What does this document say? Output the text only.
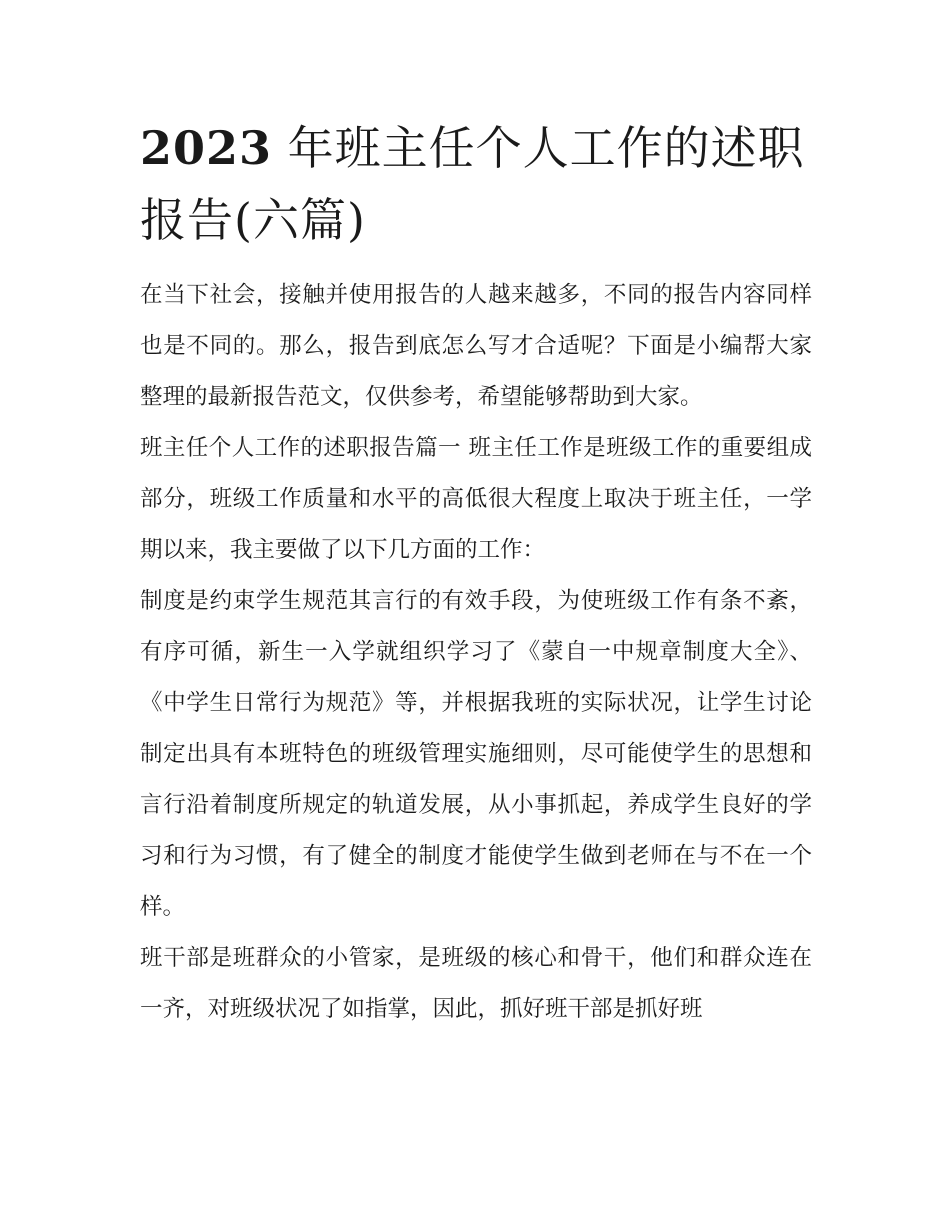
2023 年班主任个人工作的述职报告(六篇)

在当下社会，接触并使用报告的人越来越多，不同的报告内容同样也是不同的。那么，报告到底怎么写才合适呢？下面是小编帮大家整理的最新报告范文，仅供参考，希望能够帮助到大家。

班主任个人工作的述职报告篇一 班主任工作是班级工作的重要组成部分，班级工作质量和水平的高低很大程度上取决于班主任，一学期以来，我主要做了以下几方面的工作：

制度是约束学生规范其言行的有效手段，为使班级工作有条不紊，有序可循，新生一入学就组织学习了《蒙自一中规章制度大全》、《中学生日常行为规范》等，并根据我班的实际状况，让学生讨论制定出具有本班特色的班级管理实施细则，尽可能使学生的思想和言行沿着制度所规定的轨道发展，从小事抓起，养成学生良好的学习和行为习惯，有了健全的制度才能使学生做到老师在与不在一个样。

班干部是班群众的小管家，是班级的核心和骨干，他们和群众连在一齐，对班级状况了如指掌，因此，抓好班干部是抓好班
